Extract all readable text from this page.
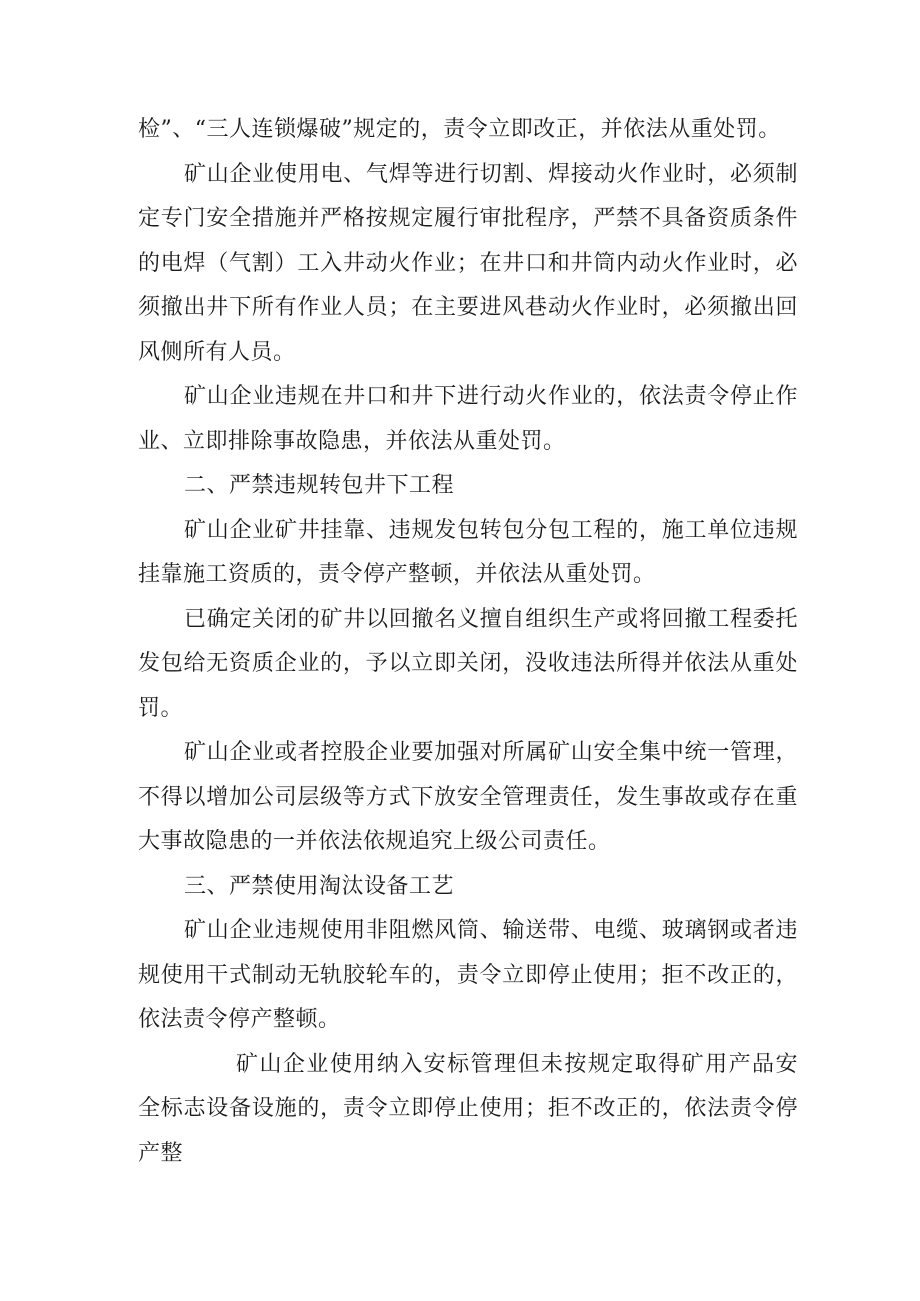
检”、“三人连锁爆破”规定的，责令立即改正，并依法从重处罚。

矿山企业使用电、气焊等进行切割、焊接动火作业时，必须制定专门安全措施并严格按规定履行审批程序，严禁不具备资质条件的电焊（气割）工入井动火作业；在井口和井筒内动火作业时，必须撤出井下所有作业人员；在主要进风巷动火作业时，必须撤出回风侧所有人员。

矿山企业违规在井口和井下进行动火作业的，依法责令停止作业、立即排除事故隐患，并依法从重处罚。

二、严禁违规转包井下工程

矿山企业矿井挂靠、违规发包转包分包工程的，施工单位违规挂靠施工资质的，责令停产整顿，并依法从重处罚。

已确定关闭的矿井以回撤名义擅自组织生产或将回撤工程委托发包给无资质企业的，予以立即关闭，没收违法所得并依法从重处罚。

矿山企业或者控股企业要加强对所属矿山安全集中统一管理，不得以增加公司层级等方式下放安全管理责任，发生事故或存在重大事故隐患的一并依法依规追究上级公司责任。

三、严禁使用淘汰设备工艺

矿山企业违规使用非阻燃风筒、输送带、电缆、玻璃钢或者违规使用干式制动无轨胶轮车的，责令立即停止使用；拒不改正的，依法责令停产整顿。

矿山企业使用纳入安标管理但未按规定取得矿用产品安全标志设备设施的，责令立即停止使用；拒不改正的，依法责令停产整
